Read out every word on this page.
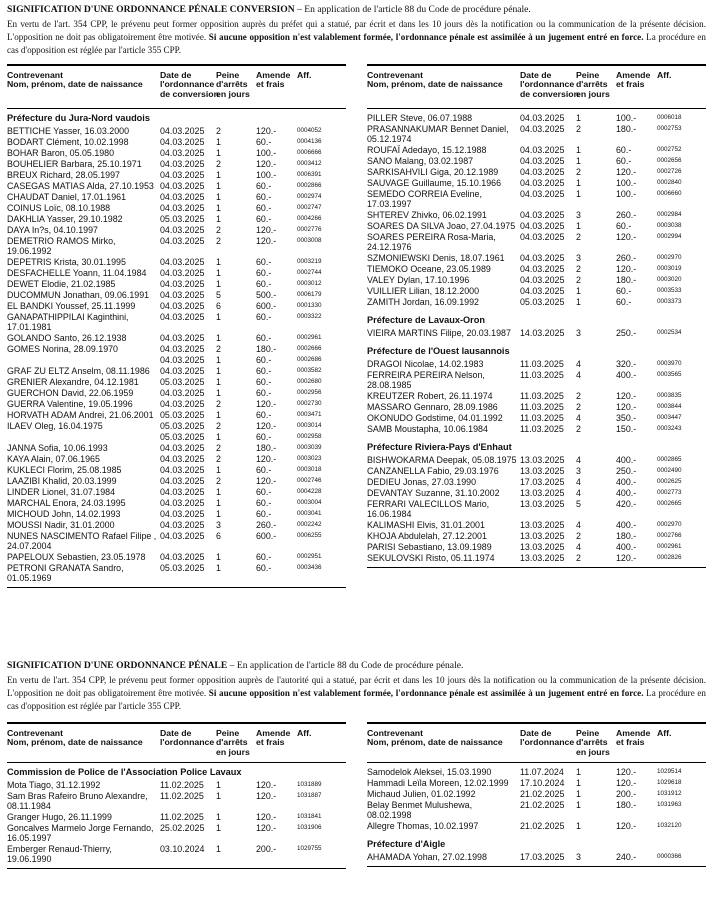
SIGNIFICATION D'UNE ORDONNANCE PÉNALE CONVERSION – En application de l'article 88 du Code de procédure pénale.
En vertu de l'art. 354 CPP, le prévenu peut former opposition auprès du préfet qui a statué, par écrit et dans les 10 jours dès la notification ou la communication de la présente décision. L'opposition ne doit pas obligatoirement être motivée. Si aucune opposition n'est valablement formée, l'ordonnance pénale est assimilée à un jugement entré en force. La procédure en cas d'opposition est réglée par l'article 355 CPP.
SIGNIFICATION D'UNE ORDONNANCE PÉNALE – En application de l'article 88 du Code de procédure pénale.
En vertu de l'art. 354 CPP, le prévenu peut former opposition auprès de l'autorité qui a statué, par écrit et dans les 10 jours dès la notification ou la communication de la présente décision. L'opposition ne doit pas obligatoirement être motivée. Si aucune opposition n'est valablement formée, l'ordonnance pénale est assimilée à un jugement entré en force. La procédure en cas d'opposition est réglée par l'article 355 CPP.
Contrevenant
Nom, prénom, date de naissance
Date de
l'ordonnance
de conversion
Peine
d'arrêts
en jours
Amende
et frais
Aff.
Préfecture du Jura-Nord vaudois
BETTICHE Yasser, 16.03.2000	04.03.2025 2	120.-	0004052
BODART Clément, 10.02.1998	04.03.2025 1	60.-	0004136
BOHAR Baron, 05.05.1980	04.03.2025 1	100.-	0006666
BOUHELIER Barbara, 25.10.1971	04.03.2025 2	120.-	0003412
BREUX Richard, 28.05.1997	04.03.2025 1	100.-	0006391
CASEGAS MATIAS Alda, 27.10.1953 04.03.2025 1	60.-	0002866
CHAUDAT Daniel, 17.01.1961	04.03.2025 1	60.-	0002974
COINUS Loïc, 08.10.1988	04.03.2025 1	60.-	0002747
DAKHLIA Yasser, 29.10.1982	05.03.2025 1	60.-	0004266
DAYA In?s, 04.10.1997	04.03.2025 2	120.-	0002776
DEMETRIO RAMOS Mirko, 19.06.1992
04.03.2025 2	120.-	0003008
DEPETRIS Krista, 30.01.1995	04.03.2025 1	60.-	0003219
DESFACHELLE Yoann, 11.04.1984	04.03.2025 1	60.-	0002744
DEWET Elodie, 21.02.1985	04.03.2025 1	60.-	0003012
DUCOMMUN Jonathan, 09.06.1991	04.03.2025 5	500.-	0006179
EL BANDKI Youssef, 25.11.1999	04.03.2025 6	600.-	0001330
GANAPATHIPPILAI Kaginthini, 17.01.1981
04.03.2025 1	60.-	0003322
GOLANDO Santo, 26.12.1938	04.03.2025 1	60.-	0002961
GOMES Norina, 28.09.1970	04.03.2025 2	180.-	0002666
04.03.2025 1	60.-	0002686
GRAF ZU ELTZ Anselm, 08.11.1986	04.03.2025 1	60.-	0003582
GRENIER Alexandre, 04.12.1981	05.03.2025 1	60.-	0002680
GUERCHON David, 22.06.1959	04.03.2025 1	60.-	0002956
GUERRA Valentine, 19.05.1996	04.03.2025 2	120.-	0002730
HORVATH ADAM Andrei, 21.06.2001 05.03.2025 1	60.-	0003471
ILAEV Oleg, 16.04.1975	05.03.2025 2	120.-	0003014
05.03.2025 1	60.-	0002958
JANNA Sofia, 10.06.1993	04.03.2025 2	180.-	0003039
KAYA Alain, 07.06.1965	04.03.2025 2	120.-	0003023
KUKLECI Florim, 25.08.1985	04.03.2025 1	60.-	0003018
LAAZIBI Khalid, 20.03.1999	04.03.2025 2	120.-	0002746
LINDER Lionel, 31.07.1984	04.03.2025 1	60.-	0004228
MARCHAL Enora, 24.03.1995	04.03.2025 1	60.-	0003004
MICHOUD John, 14.02.1993	04.03.2025 1	60.-	0003041
MOUSSI Nadir, 31.01.2000	04.03.2025 3	260.-	0002242
NUNES NASCIMENTO Rafael Filipe , 24.07.2004
04.03.2025 6	600.-	0006255
PAPELOUX Sebastien, 23.05.1978	04.03.2025 1	60.-	0002951
PETRONI GRANATA Sandro, 01.05.1969
05.03.2025 1	60.-	0003436
Contrevenant
Nom, prénom, date de naissance
Date de
l'ordonnance
de conversion
Peine
d'arrêts
en jours
Amende
et frais
Aff.
PILLER Steve, 06.07.1988	04.03.2025 1	100.-	0006018
PRASANNAKUMAR Bennet Daniel, 05.12.1974
04.03.2025 2	180.-	0002753
ROUFAÏ Adedayo, 15.12.1988	04.03.2025 1	60.-	0002752
SANO Malang, 03.02.1987	04.03.2025 1	60.-	0002656
SARKISAHVILI Giga, 20.12.1989	04.03.2025 2	120.-	0002726
SAUVAGE Guillaume, 15.10.1966	04.03.2025 1	100.-	0002840
SEMEDO CORREIA Eveline, 17.03.1997
04.03.2025 1	100.-	0006660
SHTEREV Zhivko, 06.02.1991	04.03.2025 3	260.-	0002984
SOARES DA SILVA Joao, 27.04.1975 04.03.2025 1	60.-	0003038
SOARES PEREIRA Rosa-Maria, 24.12.1976
04.03.2025 2	120.-	0002994
SZMONIEWSKI Denis, 18.07.1961	04.03.2025 3	260.-	0002970
TIEMOKO Oceane, 23.05.1989	04.03.2025 2	120.-	0003019
VALEY Dylan, 17.10.1996	04.03.2025 2	180.-	0003020
VUILLIER Lilian, 18.12.2000	04.03.2025 1	60.-	0003533
ZAMITH Jordan, 16.09.1992	05.03.2025 1	60.-	0003373
Préfecture de Lavaux-Oron
VIEIRA MARTINS Filipe, 20.03.1987	14.03.2025 3	250.-	0002534
Préfecture de l'Ouest lausannois
DRAGOI Nicolae, 14.02.1983	11.03.2025 4	320.-	0003970
FERREIRA PEREIRA Nelson, 28.08.1985
11.03.2025 4	400.-	0003565
KREUTZER Robert, 26.11.1974	11.03.2025 2	120.-	0003835
MASSARO Gennaro, 28.09.1986	11.03.2025 2	120.-	0003844
OKONUDO Godstime, 04.01.1992	11.03.2025 4	350.-	0003447
SAMB Moustapha, 10.06.1984	11.03.2025 2	150.-	0003243
Préfecture Riviera-Pays d'Enhaut
BISHWOKARMA Deepak, 05.08.1975 13.03.2025 4	400.-	0002865
CANZANELLA Fabio, 29.03.1976	13.03.2025 3	250.-	0002490
DEDIEU Jonas, 27.03.1990	17.03.2025 4	400.-	0002625
DEVANTAY Suzanne, 31.10.2002	13.03.2025 4	400.-	0002773
FERRARI VALECILLOS Mario, 16.06.1984
13.03.2025 5	420.-	0002665
KALIMASHI Elvis, 31.01.2001	13.03.2025 4	400.-	0002970
KHOJA Abdulelah, 27.12.2001	13.03.2025 2	180.-	0002766
PARISI Sebastiano, 13.09.1989	13.03.2025 4	400.-	0002961
SEKULOVSKI Risto, 05.11.1974	13.03.2025 2	120.-	0002826
Contrevenant
Nom, prénom, date de naissance
Date de
l'ordonnance
Peine
d'arrêts
en jours
Amende
et frais
Aff.
Commission de Police de l'Association Police Lavaux
Mota Tiago, 31.12.1992	11.02.2025 1	120.-	1031889
Sam Bras Rafeiro Bruno Alexandre, 08.11.1984
11.02.2025 1	120.-	1031887
Granger Hugo, 26.11.1999	11.02.2025 1	120.-	1031841
Goncalves Marmelo Jorge Fernando, 16.05.1997
25.02.2025 1	120.-	1031906
Emberger Renaud-Thierry, 19.06.1990
03.10.2024 1	200.-	1029755
Contrevenant
Nom, prénom, date de naissance
Date de
l'ordonnance
Peine
d'arrêts
en jours
Amende
et frais
Aff.
Samodelok Aleksei, 15.03.1990	11.07.2024 1	120.-	1029514
Hammadi Leïla Moreen, 12.02.1999	17.10.2024 1	120.-	1029618
Michaud Julien, 01.02.1992	21.02.2025 1	200.-	1031912
Belay Benmet Mulushewa, 08.02.1998
21.02.2025 1	180.-	1031963
Allegre Thomas, 10.02.1997	21.02.2025 1	120.-	1032120
Préfecture d'Aigle
AHAMADA Yohan, 27.02.1998	17.03.2025 3	240.-	0000366
